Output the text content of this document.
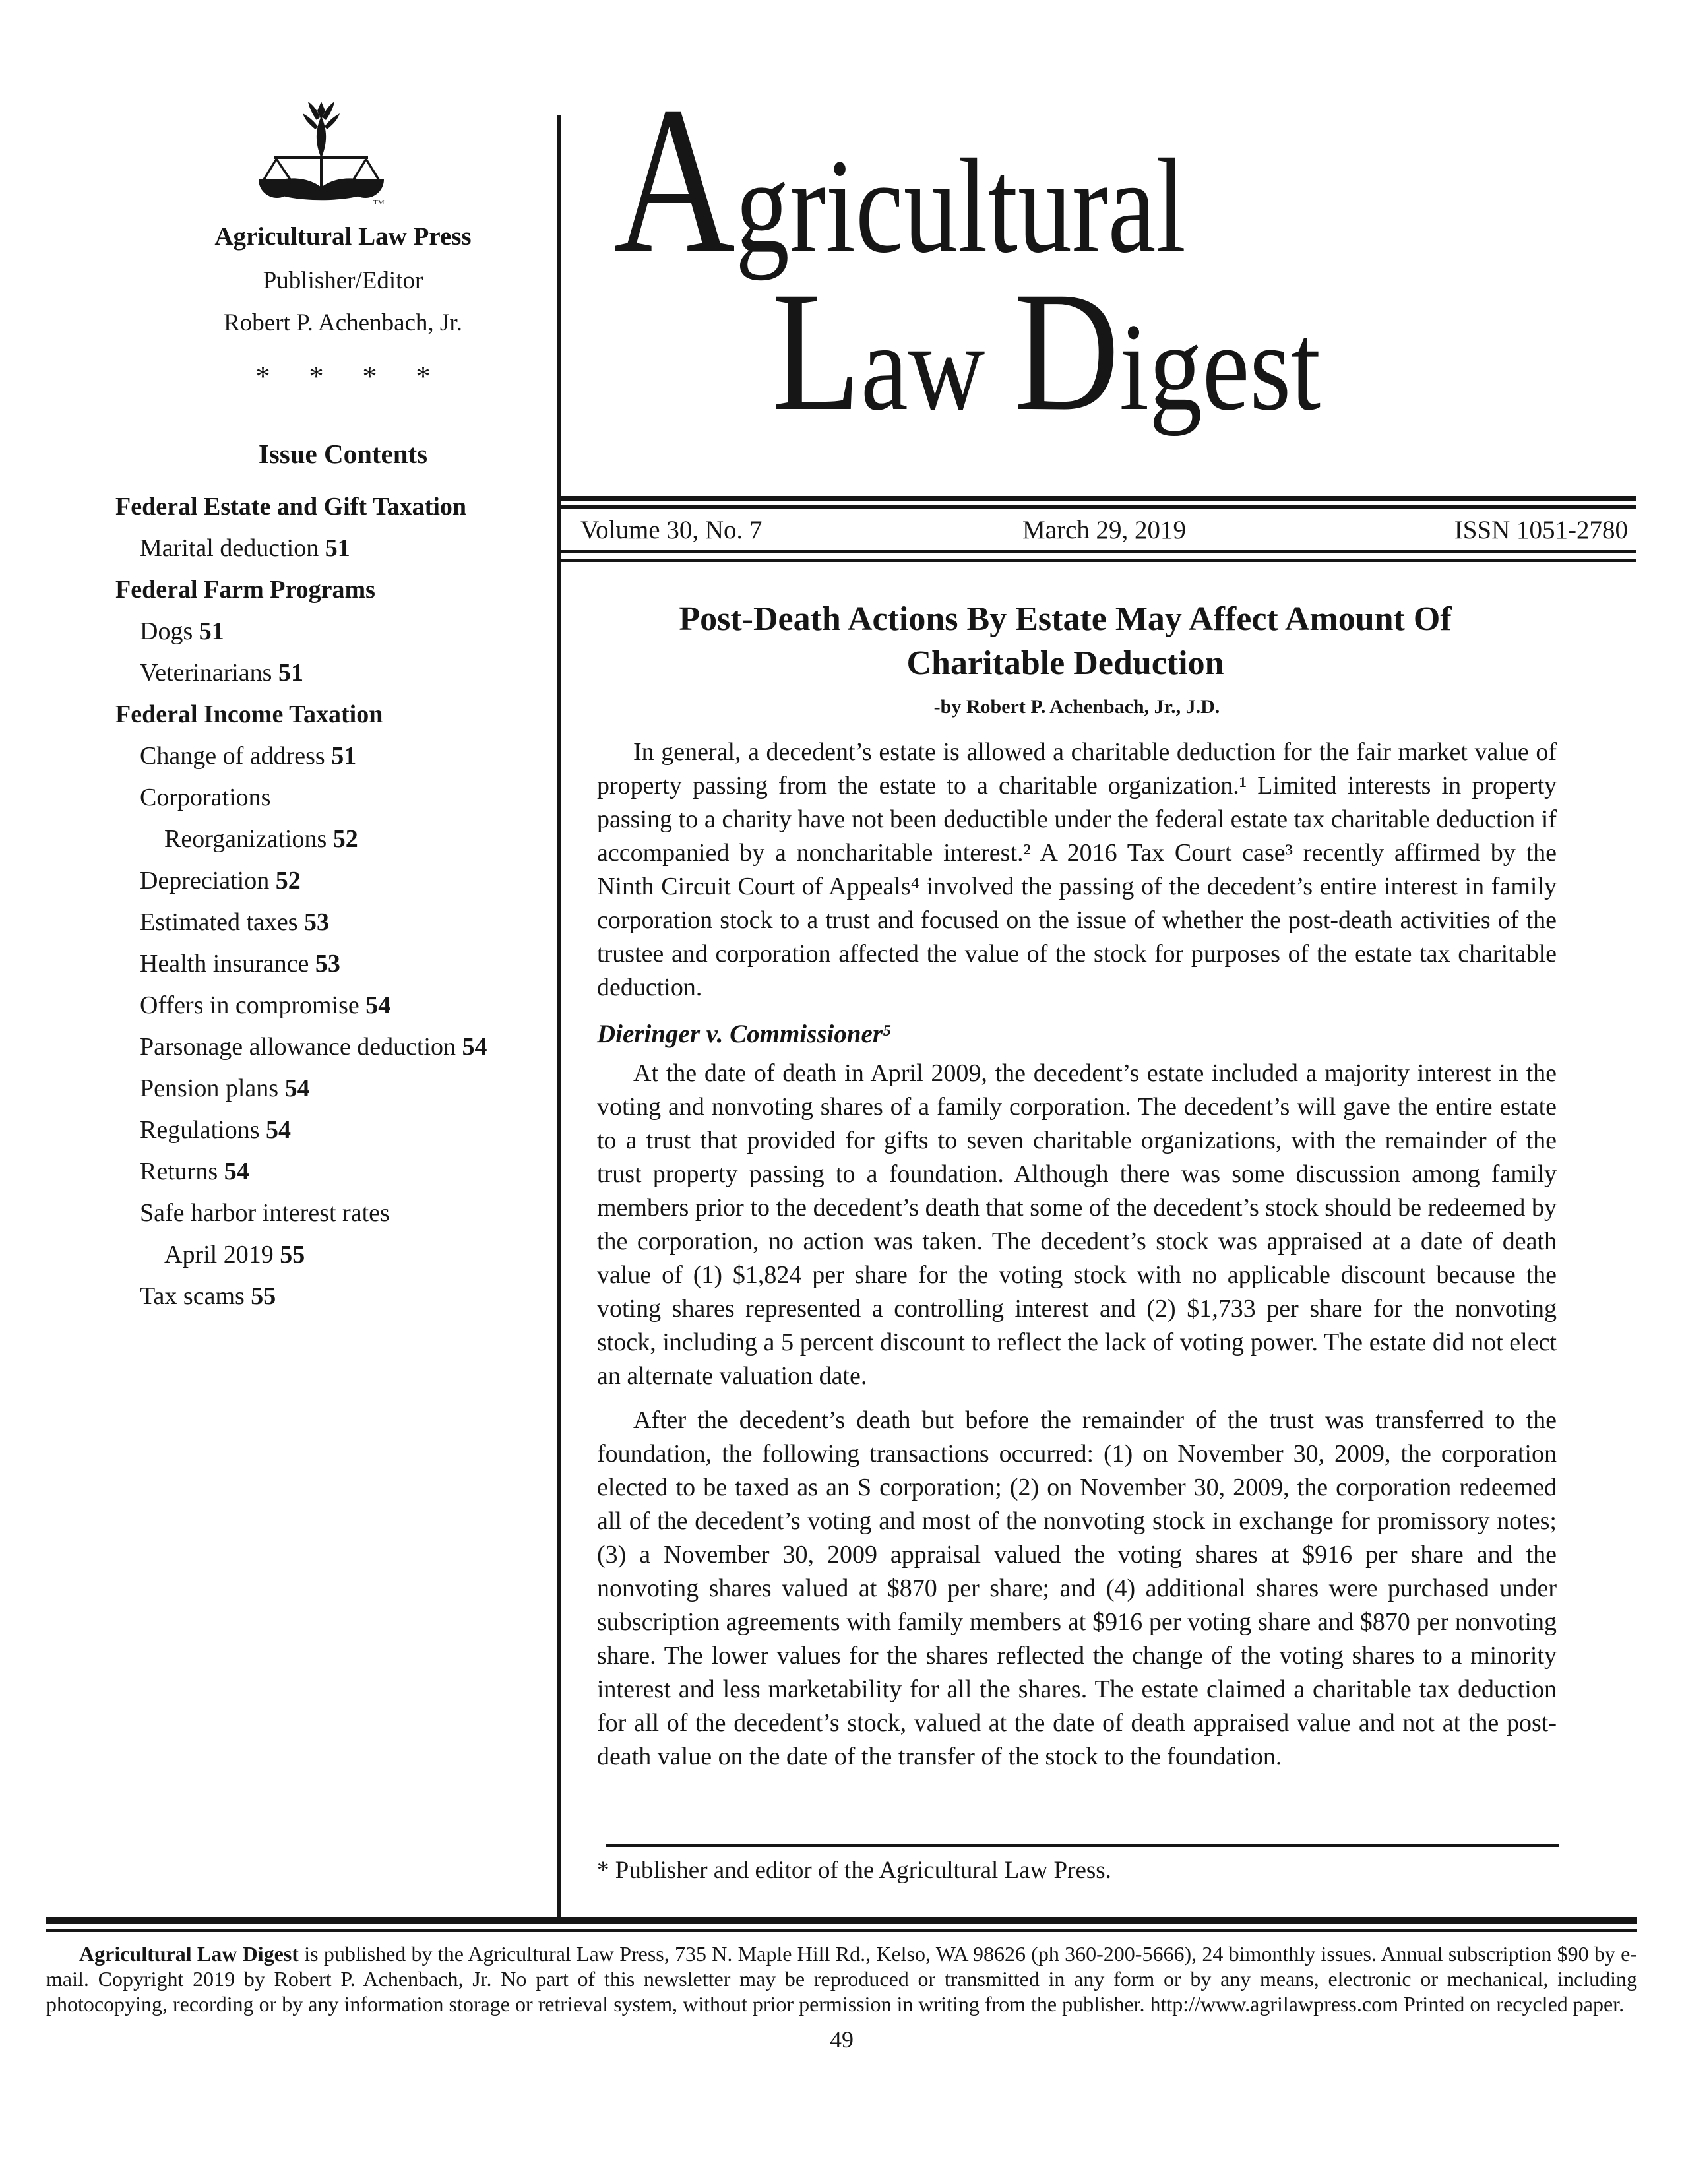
TM
Agricultural Law Press
Publisher/Editor
Robert P. Achenbach, Jr.
* * * *
Issue Contents
Federal Estate and Gift Taxation
Marital deduction 51
Federal Farm Programs
Dogs 51
Veterinarians 51
Federal Income Taxation
Change of address 51
Corporations
Reorganizations 52
Depreciation 52
Estimated taxes 53
Health insurance 53
Offers in compromise 54
Parsonage allowance deduction 54
Pension plans 54
Regulations 54
Returns 54
Safe harbor interest rates
April 2019 55
Tax scams 55
Agricultural
Law Digest
Volume 30, No. 7	March 29, 2019	ISSN 1051-2780
Post-Death Actions By Estate May Affect Amount Of Charitable Deduction
-by Robert P. Achenbach, Jr., J.D.

In general, a decedent’s estate is allowed a charitable deduction for the fair market value of property passing from the estate to a charitable organization.¹ Limited interests in property passing to a charity have not been deductible under the federal estate tax charitable deduction if accompanied by a noncharitable interest.² A 2016 Tax Court case³ recently affirmed by the Ninth Circuit Court of Appeals⁴ involved the passing of the decedent’s entire interest in family corporation stock to a trust and focused on the issue of whether the post-death activities of the trustee and corporation affected the value of the stock for purposes of the estate tax charitable deduction.

Dieringer v. Commissioner⁵

At the date of death in April 2009, the decedent’s estate included a majority interest in the voting and nonvoting shares of a family corporation. The decedent’s will gave the entire estate to a trust that provided for gifts to seven charitable organizations, with the remainder of the trust property passing to a foundation. Although there was some discussion among family members prior to the decedent’s death that some of the decedent’s stock should be redeemed by the corporation, no action was taken. The decedent’s stock was appraised at a date of death value of (1) $1,824 per share for the voting stock with no applicable discount because the voting shares represented a controlling interest and (2) $1,733 per share for the nonvoting stock, including a 5 percent discount to reflect the lack of voting power. The estate did not elect an alternate valuation date.

After the decedent’s death but before the remainder of the trust was transferred to the foundation, the following transactions occurred: (1) on November 30, 2009, the corporation elected to be taxed as an S corporation; (2) on November 30, 2009, the corporation redeemed all of the decedent’s voting and most of the nonvoting stock in exchange for promissory notes; (3) a November 30, 2009 appraisal valued the voting shares at $916 per share and the nonvoting shares valued at $870 per share; and (4) additional shares were purchased under subscription agreements with family members at $916 per voting share and $870 per nonvoting share. The lower values for the shares reflected the change of the voting shares to a minority interest and less marketability for all the shares. The estate claimed a charitable tax deduction for all of the decedent’s stock, valued at the date of death appraised value and not at the post-death value on the date of the transfer of the stock to the foundation.

* Publisher and editor of the Agricultural Law Press.

Agricultural Law Digest is published by the Agricultural Law Press, 735 N. Maple Hill Rd., Kelso, WA 98626 (ph 360-200-5666), 24 bimonthly issues. Annual subscription $90 by e-mail. Copyright 2019 by Robert P. Achenbach, Jr. No part of this newsletter may be reproduced or transmitted in any form or by any means, electronic or mechanical, including photocopying, recording or by any information storage or retrieval system, without prior permission in writing from the publisher. http://www.agrilawpress.com Printed on recycled paper.

49
